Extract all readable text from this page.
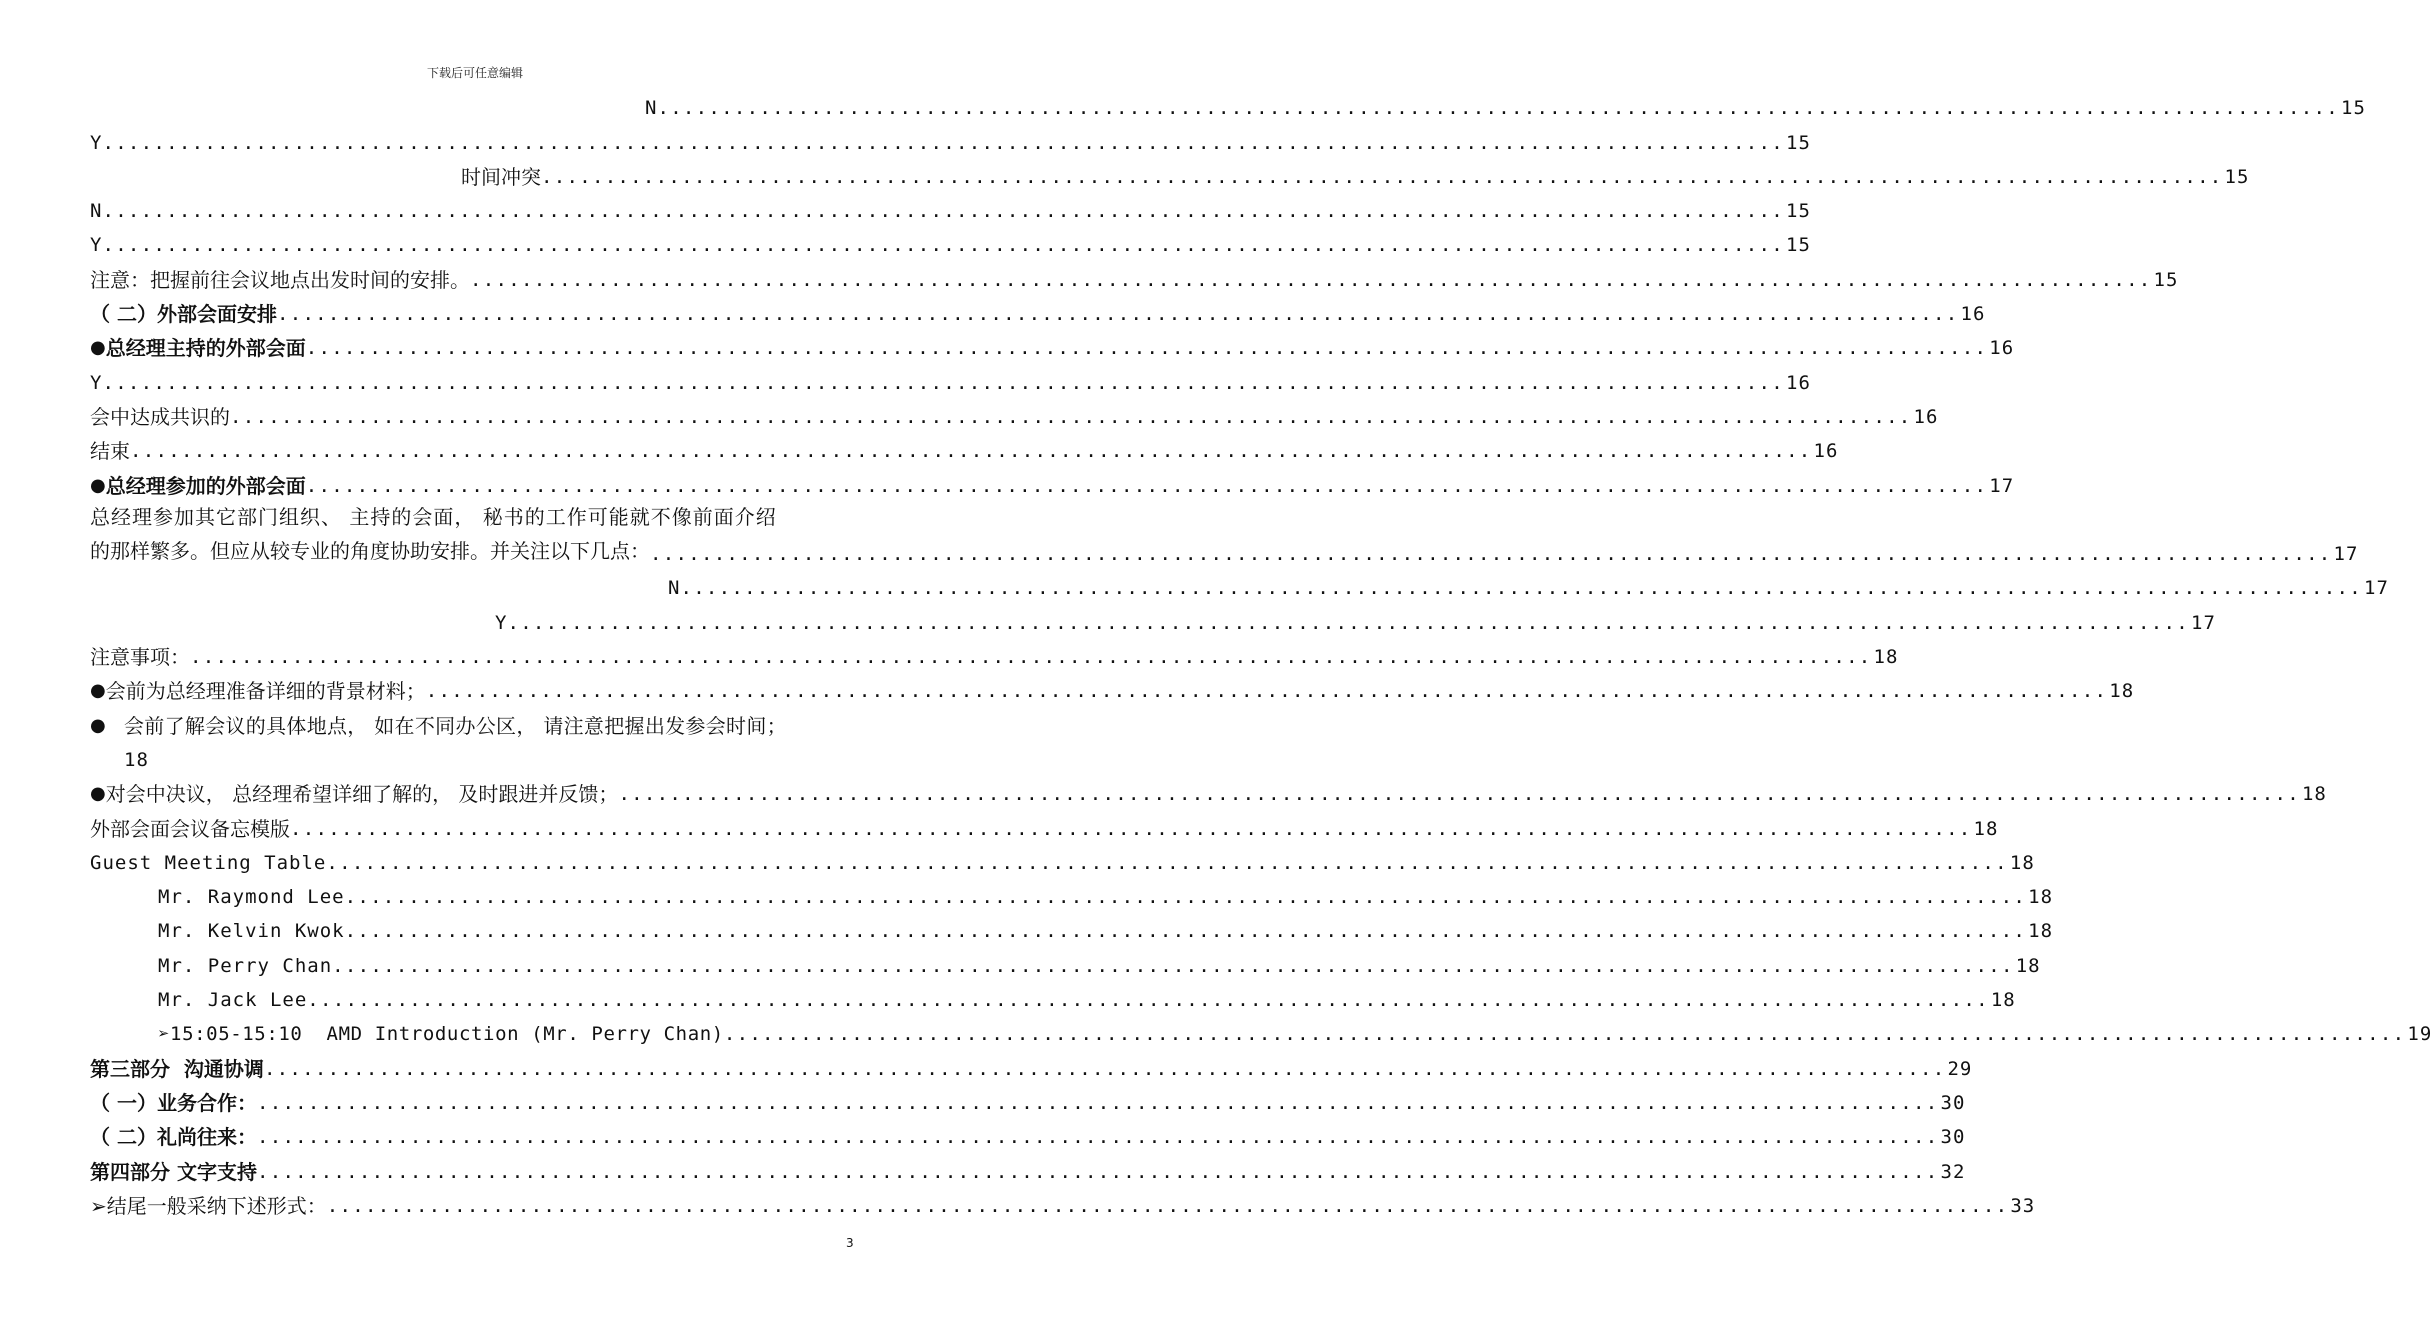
下载后可任意编辑
N .................................................................................................................................... 15
Y .................................................................................................................................... 15
时间冲突 .................................................................................................................................... 15
N .................................................................................................................................... 15
Y .................................................................................................................................... 15
注意：把握前往会议地点出发时间的安排。 .................................................................................................................................... 15
（ 二）外部会面安排 .................................................................................................................................... 16
● 总经理主持的外部会面 .................................................................................................................................... 16
Y .................................................................................................................................... 16
会中达成共识的 .................................................................................................................................... 16
结束 .................................................................................................................................... 16
● 总经理参加的外部会面 .................................................................................................................................... 17
总经理参加其它部门组织、 主持的会面， 秘书的工作可能就不像前面介绍
的那样繁多。但应从较专业的角度协助安排。并关注以下几点： .................................................................................................................................... 17
N .................................................................................................................................... 17
Y .................................................................................................................................... 17
注意事项： .................................................................................................................................... 18
● 会前为总经理准备详细的背景材料； .................................................................................................................................... 18
● 会前了解会议的具体地点， 如在不同办公区， 请注意把握出发参会时间；
18
● 对会中决议， 总经理希望详细了解的， 及时跟进并反馈； .................................................................................................................................... 18
外部会面会议备忘模版 .................................................................................................................................... 18
Guest Meeting Table .................................................................................................................................... 18
Mr. Raymond Lee .................................................................................................................................... 18
Mr. Kelvin Kwok .................................................................................................................................... 18
Mr. Perry Chan .................................................................................................................................... 18
Mr. Jack Lee .................................................................................................................................... 18
➢15:05-15:10  AMD Introduction (Mr. Perry Chan) .................................................................................................................................... 19
第三部分  沟通协调 .................................................................................................................................... 29
（ 一）业务合作： .................................................................................................................................... 30
（ 二）礼尚往来： .................................................................................................................................... 30
第四部分 文字支持 .................................................................................................................................... 32
➢结尾一般采纳下述形式： .................................................................................................................................... 33
3
